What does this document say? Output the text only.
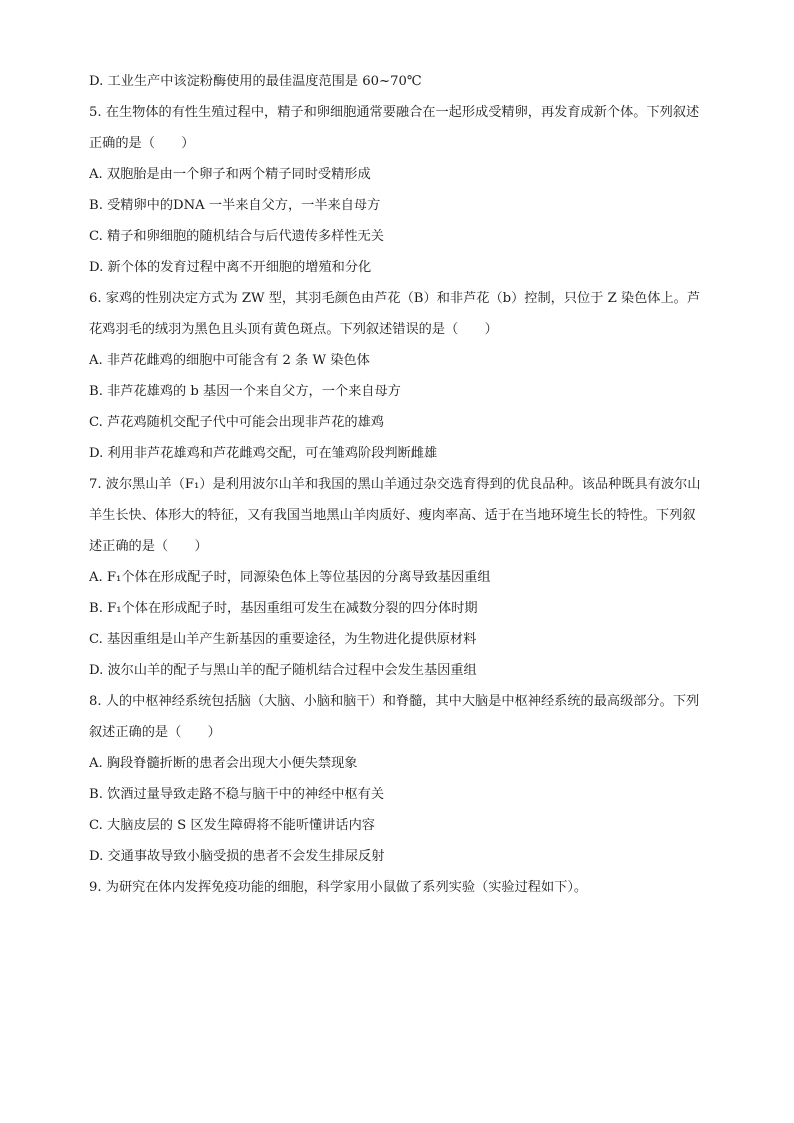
D. 工业生产中该淀粉酶使用的最佳温度范围是 60~70℃
5. 在生物体的有性生殖过程中，精子和卵细胞通常要融合在一起形成受精卵，再发育成新个体。下列叙述
正确的是（　　）
A. 双胞胎是由一个卵子和两个精子同时受精形成
B. 受精卵中的DNA 一半来自父方，一半来自母方
C. 精子和卵细胞的随机结合与后代遗传多样性无关
D. 新个体的发育过程中离不开细胞的增殖和分化
6. 家鸡的性别决定方式为 ZW 型，其羽毛颜色由芦花（B）和非芦花（b）控制，只位于 Z 染色体上。芦
花鸡羽毛的绒羽为黑色且头顶有黄色斑点。下列叙述错误的是（　　）
A. 非芦花雌鸡的细胞中可能含有 2 条 W 染色体
B. 非芦花雄鸡的 b 基因一个来自父方，一个来自母方
C. 芦花鸡随机交配子代中可能会出现非芦花的雄鸡
D. 利用非芦花雄鸡和芦花雌鸡交配，可在雏鸡阶段判断雌雄
7. 波尔黑山羊（F₁）是利用波尔山羊和我国的黑山羊通过杂交选育得到的优良品种。该品种既具有波尔山
羊生长快、体形大的特征，又有我国当地黑山羊肉质好、瘦肉率高、适于在当地环境生长的特性。下列叙
述正确的是（　　）
A. F₁个体在形成配子时，同源染色体上等位基因的分离导致基因重组
B. F₁个体在形成配子时，基因重组可发生在减数分裂的四分体时期
C. 基因重组是山羊产生新基因的重要途径，为生物进化提供原材料
D. 波尔山羊的配子与黑山羊的配子随机结合过程中会发生基因重组
8. 人的中枢神经系统包括脑（大脑、小脑和脑干）和脊髓，其中大脑是中枢神经系统的最高级部分。下列
叙述正确的是（　　）
A. 胸段脊髓折断的患者会出现大小便失禁现象
B. 饮酒过量导致走路不稳与脑干中的神经中枢有关
C. 大脑皮层的 S 区发生障碍将不能听懂讲话内容
D. 交通事故导致小脑受损的患者不会发生排尿反射
9. 为研究在体内发挥免疫功能的细胞，科学家用小鼠做了系列实验（实验过程如下）。
